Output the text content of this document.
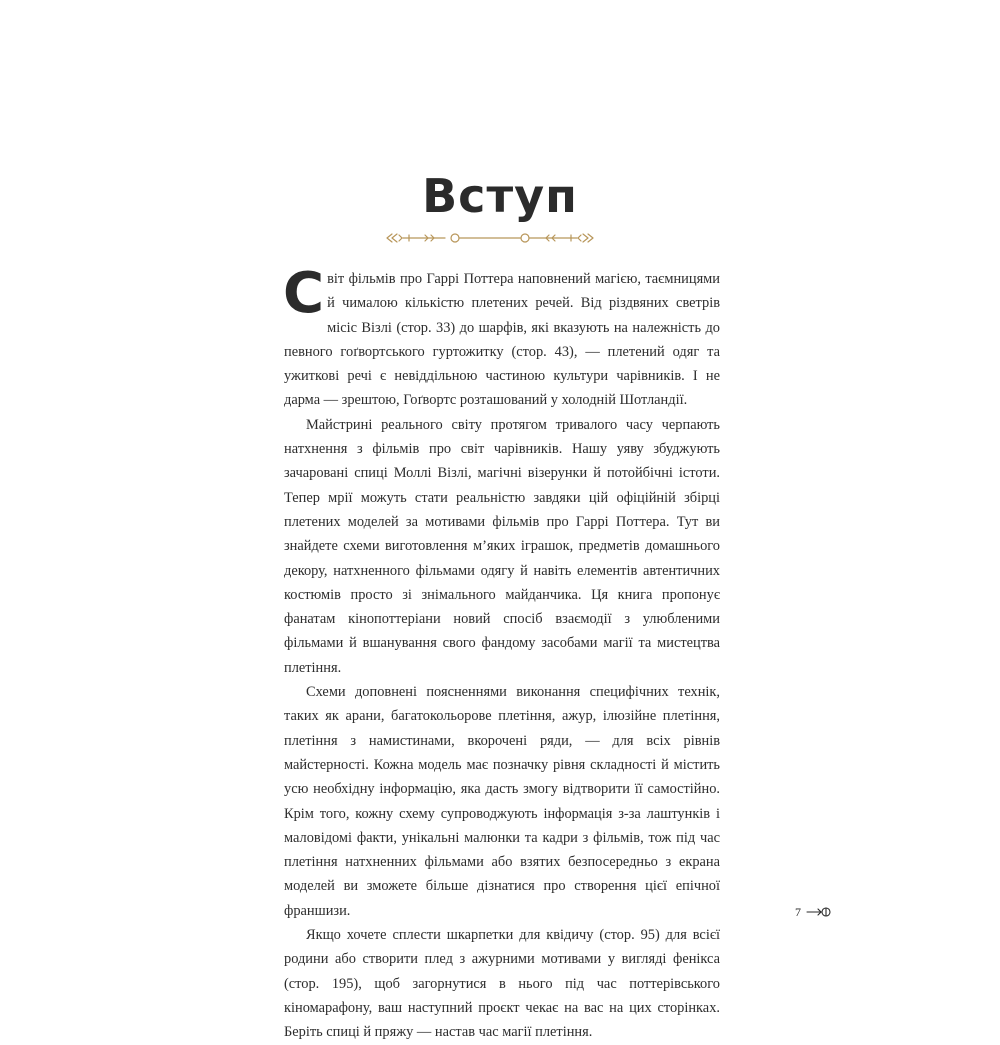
Вступ

Світ фільмів про Гаррі Поттера наповнений магією, таємницями й чималою кількістю плетених речей. Від різдвяних светрів місіс Візлі (стор. 33) до шарфів, які вказують на належність до певного гоґвортського гуртожитку (стор. 43), — плетений одяг та ужиткові речі є невіддільною частиною культури чарівників. І не дарма — зрештою, Гоґвортс розташований у холодній Шотландії.

Майстрині реального світу протягом тривалого часу черпають натхнення з фільмів про світ чарівників. Нашу уяву збуджують зачаровані спиці Моллі Візлі, магічні візерунки й потойбічні істоти. Тепер мрії можуть стати реальністю завдяки цій офіційній збірці плетених моделей за мотивами фільмів про Гаррі Поттера. Тут ви знайдете схеми виготовлення м’яких іграшок, предметів домашнього декору, натхненного фільмами одягу й навіть елементів автентичних костюмів просто зі знімального майданчика. Ця книга пропонує фанатам кінопоттеріани новий спосіб взаємодії з улюбленими фільмами й вшанування свого фандому засобами магії та мистецтва плетіння.

Схеми доповнені поясненнями виконання специфічних технік, таких як арани, багатокольорове плетіння, ажур, ілюзійне плетіння, плетіння з намистинами, вкорочені ряди, — для всіх рівнів майстерності. Кожна модель має позначку рівня складності й містить усю необхідну інформацію, яка дасть змогу відтворити її самостійно. Крім того, кожну схему супроводжують інформація з-за лаштунків і маловідомі факти, унікальні малюнки та кадри з фільмів, тож під час плетіння натхненних фільмами або взятих безпосередньо з екрана моделей ви зможете більше дізнатися про створення цієї епічної франшизи.

Якщо хочете сплести шкарпетки для квідичу (стор. 95) для всієї родини або створити плед з ажурними мотивами у вигляді фенікса (стор. 195), щоб загорнутися в нього під час поттерівського кіномарафону, ваш наступний проєкт чекає на вас на цих сторінках. Беріть спиці й пряжу — настав час магії плетіння.

7
